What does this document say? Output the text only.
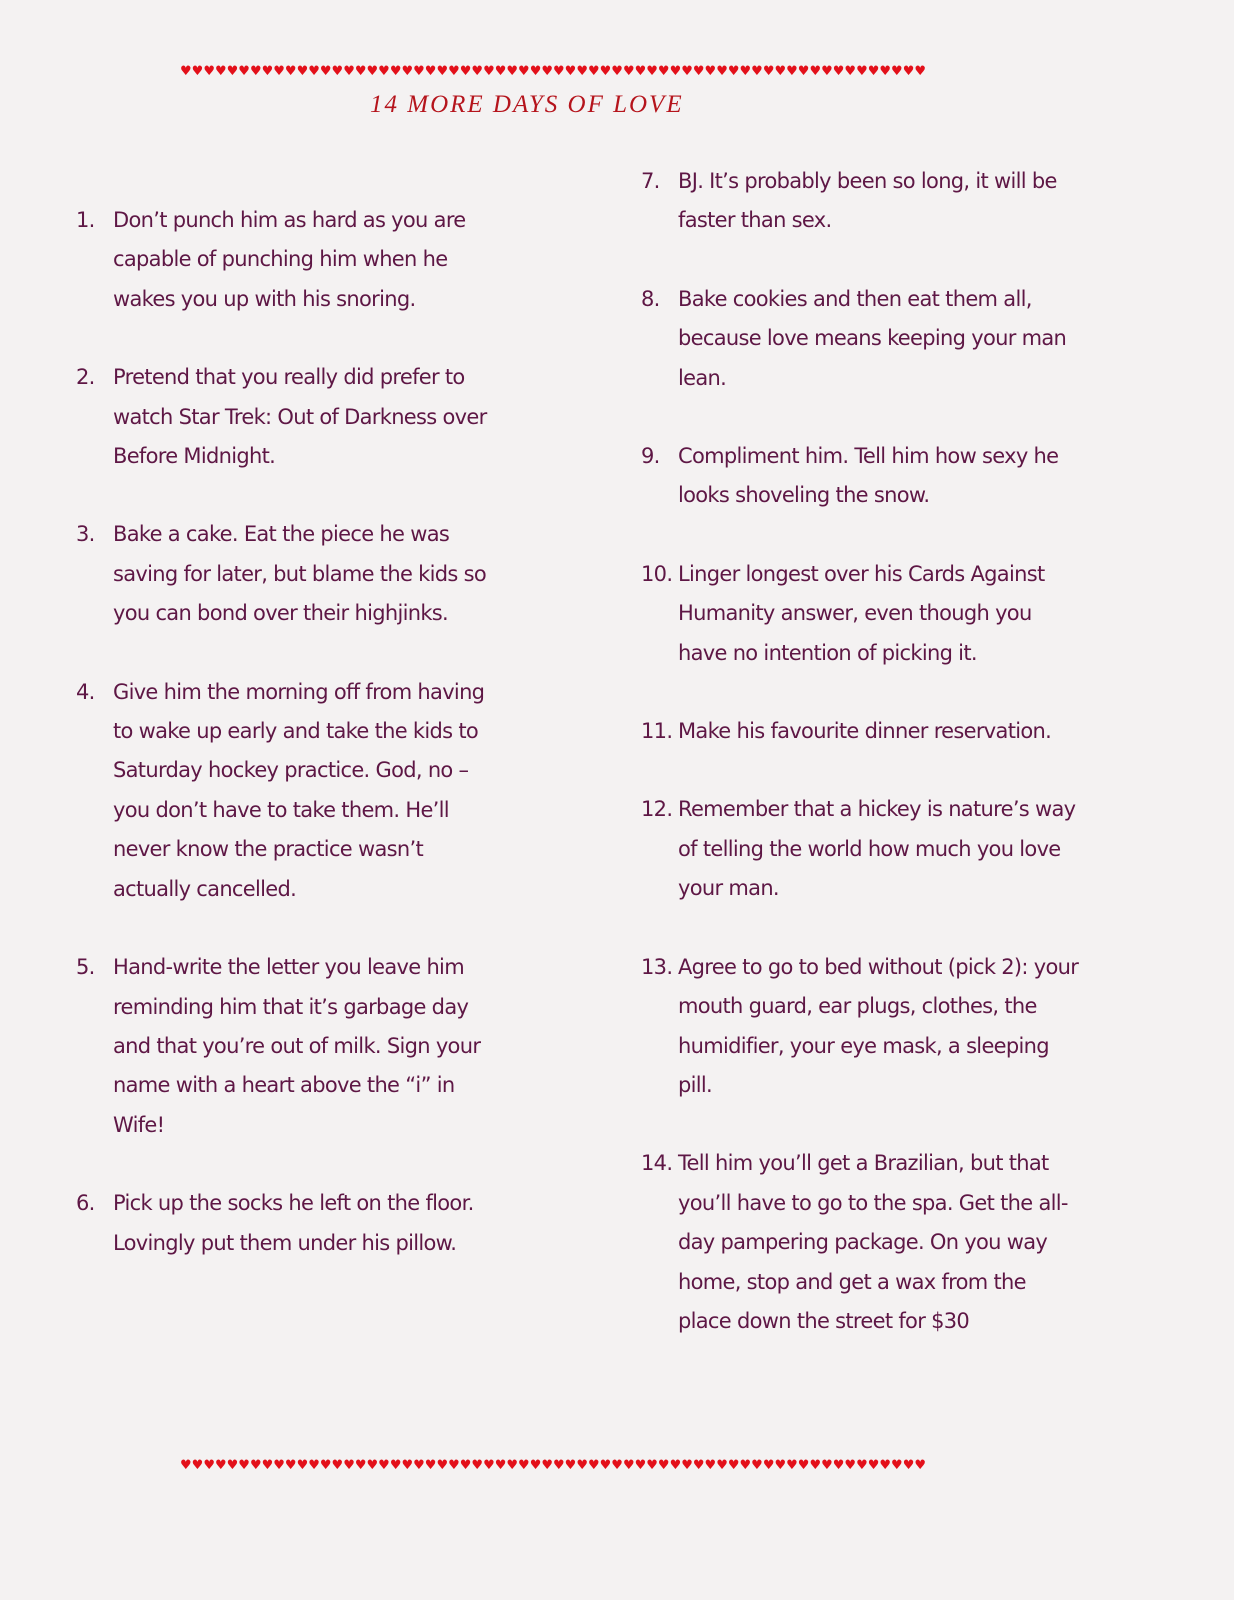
♥♥♥♥♥♥♥♥♥♥♥♥♥♥♥♥♥♥♥♥♥♥♥♥♥♥♥♥♥♥♥♥♥♥♥♥♥♥♥♥♥♥♥♥♥♥♥♥♥♥♥♥♥♥♥♥♥♥♥♥♥♥♥♥
14 MORE DAYS OF LOVE
1. Don’t punch him as hard as you are capable of punching him when he wakes you up with his snoring.
2. Pretend that you really did prefer to watch Star Trek: Out of Darkness over Before Midnight.
3. Bake a cake. Eat the piece he was saving for later, but blame the kids so you can bond over their highjinks.
4. Give him the morning off from having to wake up early and take the kids to Saturday hockey practice. God, no – you don’t have to take them. He’ll never know the practice wasn’t actually cancelled.
5. Hand-write the letter you leave him reminding him that it’s garbage day and that you’re out of milk. Sign your name with a heart above the “i” in Wife!
6. Pick up the socks he left on the floor. Lovingly put them under his pillow.
7. BJ. It’s probably been so long, it will be faster than sex.
8. Bake cookies and then eat them all, because love means keeping your man lean.
9. Compliment him. Tell him how sexy he looks shoveling the snow.
10. Linger longest over his Cards Against Humanity answer, even though you have no intention of picking it.
11. Make his favourite dinner reservation.
12. Remember that a hickey is nature’s way of telling the world how much you love your man.
13. Agree to go to bed without (pick 2): your mouth guard, ear plugs, clothes, the humidifier, your eye mask, a sleeping pill.
14. Tell him you’ll get a Brazilian, but that you’ll have to go to the spa. Get the all-day pampering package. On you way home, stop and get a wax from the place down the street for $30
♥♥♥♥♥♥♥♥♥♥♥♥♥♥♥♥♥♥♥♥♥♥♥♥♥♥♥♥♥♥♥♥♥♥♥♥♥♥♥♥♥♥♥♥♥♥♥♥♥♥♥♥♥♥♥♥♥♥♥♥♥♥♥♥
